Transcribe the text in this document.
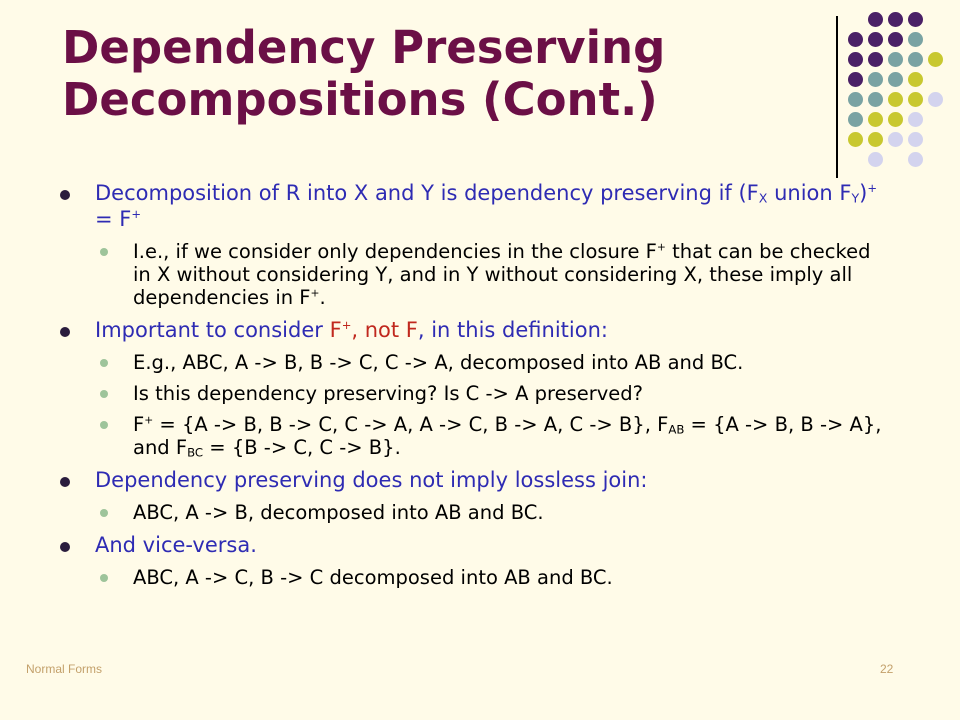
Dependency Preserving
Decompositions (Cont.)
Decomposition of R into X and Y is dependency preserving if ($F_X$ union $F_Y)^+ = F^+$
I.e., if we consider only dependencies in the closure F+ that can be checked in X without considering Y, and in Y without considering X, these imply all dependencies in F+.
Important to consider F+, not F, in this definition:
E.g., ABC, A -> B, B -> C, C -> A, decomposed into AB and BC.
Is this dependency preserving? Is C -> A preserved?
F+ = {A -> B, B -> C, C -> A, A -> C, B -> A, C -> B}, $F_{AB} = \{A -> B$, B -> A}, and $F_{BC} = \{B -> C$, C -> B}.
Dependency preserving does not imply lossless join:
ABC, A -> B, decomposed into AB and BC.
And vice-versa.
ABC, A -> C, B -> C decomposed into AB and BC.
Normal Forms	22
